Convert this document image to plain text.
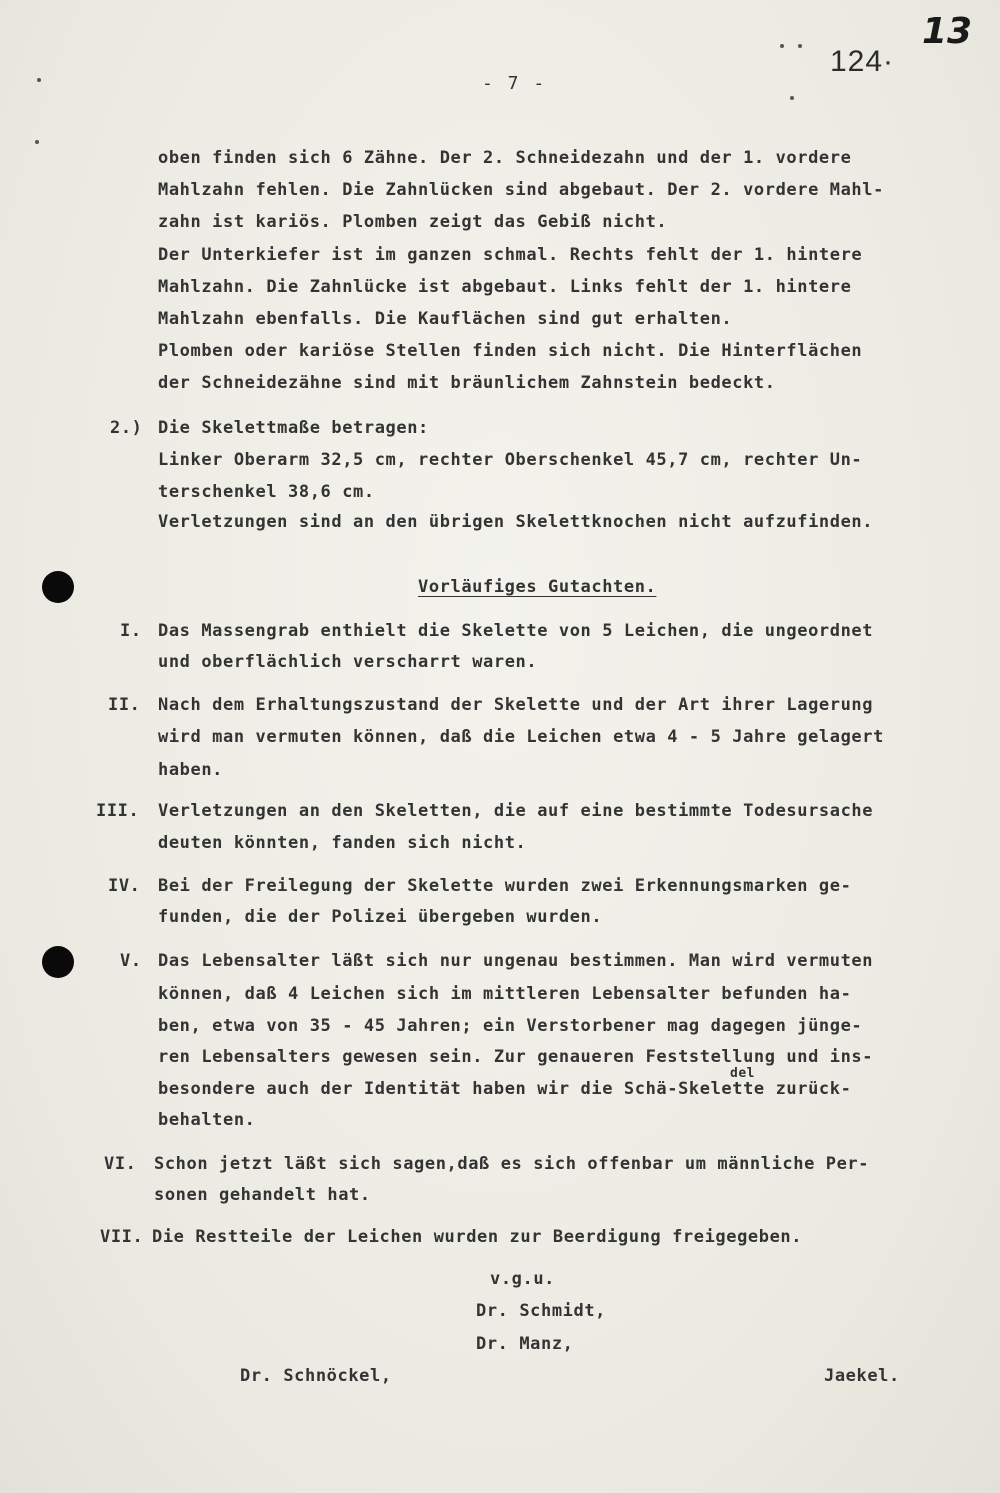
- 7 -
124·
13
oben finden sich 6 Zähne. Der 2. Schneidezahn und der 1. vordere
Mahlzahn fehlen. Die Zahnlücken sind abgebaut. Der 2. vordere Mahl-
zahn ist kariös. Plomben zeigt das Gebiß nicht.
Der Unterkiefer ist im ganzen schmal. Rechts fehlt der 1. hintere
Mahlzahn. Die Zahnlücke ist abgebaut. Links fehlt der 1. hintere
Mahlzahn ebenfalls. Die Kauflächen sind gut erhalten.
Plomben oder kariöse Stellen finden sich nicht. Die Hinterflächen
der Schneidezähne sind mit bräunlichem Zahnstein bedeckt.
2.) Die Skelettmaße betragen:
Linker Oberarm 32,5 cm, rechter Oberschenkel 45,7 cm, rechter Un-
terschenkel 38,6 cm.
Verletzungen sind an den übrigen Skelettknochen nicht aufzufinden.
Vorläufiges Gutachten.
I. Das Massengrab enthielt die Skelette von 5 Leichen, die ungeordnet
und oberflächlich verscharrt waren.
II. Nach dem Erhaltungszustand der Skelette und der Art ihrer Lagerung
wird man vermuten können, daß die Leichen etwa 4 - 5 Jahre gelagert
haben.
III. Verletzungen an den Skeletten, die auf eine bestimmte Todesursache
deuten könnten, fanden sich nicht.
IV. Bei der Freilegung der Skelette wurden zwei Erkennungsmarken ge-
funden, die der Polizei übergeben wurden.
V. Das Lebensalter läßt sich nur ungenau bestimmen. Man wird vermuten
können, daß 4 Leichen sich im mittleren Lebensalter befunden ha-
ben, etwa von 35 - 45 Jahren; ein Verstorbener mag dagegen jünge-
ren Lebensalters gewesen sein. Zur genaueren Feststellung und ins-
del
besondere auch der Identität haben wir die Schä-Skelette zurück-
behalten.
VI. Schon jetzt läßt sich sagen,daß es sich offenbar um männliche Per-
sonen gehandelt hat.
VII. Die Restteile der Leichen wurden zur Beerdigung freigegeben.
v.g.u.
Dr. Schmidt,
Dr. Manz,
Dr. Schnöckel,	Jaekel.
